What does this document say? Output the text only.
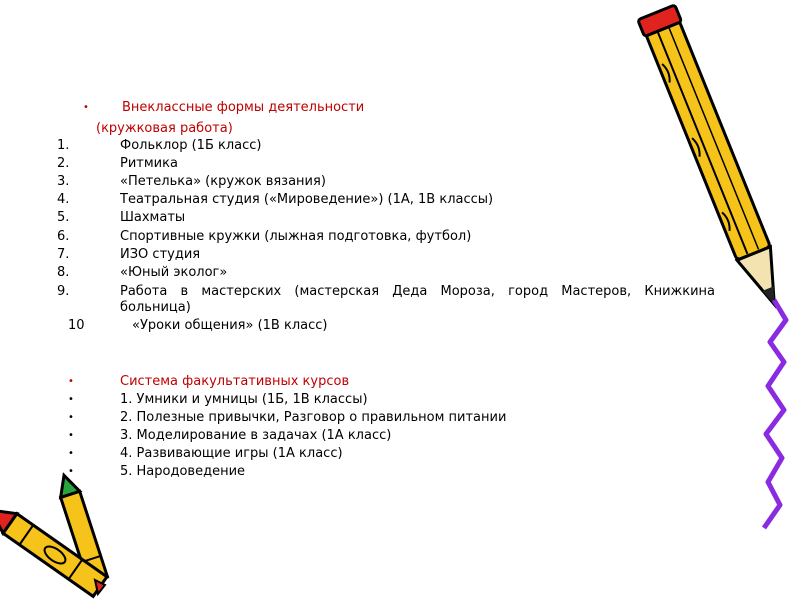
•	Внеклассные формы деятельности
(кружковая работа)
1.	Фольклор (1Б класс)
2.	Ритмика
3.	«Петелька» (кружок вязания)
4.	Театральная студия («Мироведение») (1А, 1В классы)
5.	Шахматы
6.	Спортивные кружки (лыжная подготовка, футбол)
7.	ИЗО студия
8.	«Юный эколог»
9.	Работа в мастерских (мастерская Деда Мороза, город Мастеров, Книжкина больница)
10	«Уроки общения» (1В класс)
•	Система факультативных курсов
•	1. Умники и умницы (1Б, 1В классы)
•	2. Полезные привычки, Разговор о правильном питании
•	3. Моделирование в задачах (1А класс)
•	4. Развивающие игры (1А класс)
•	5. Народоведение
